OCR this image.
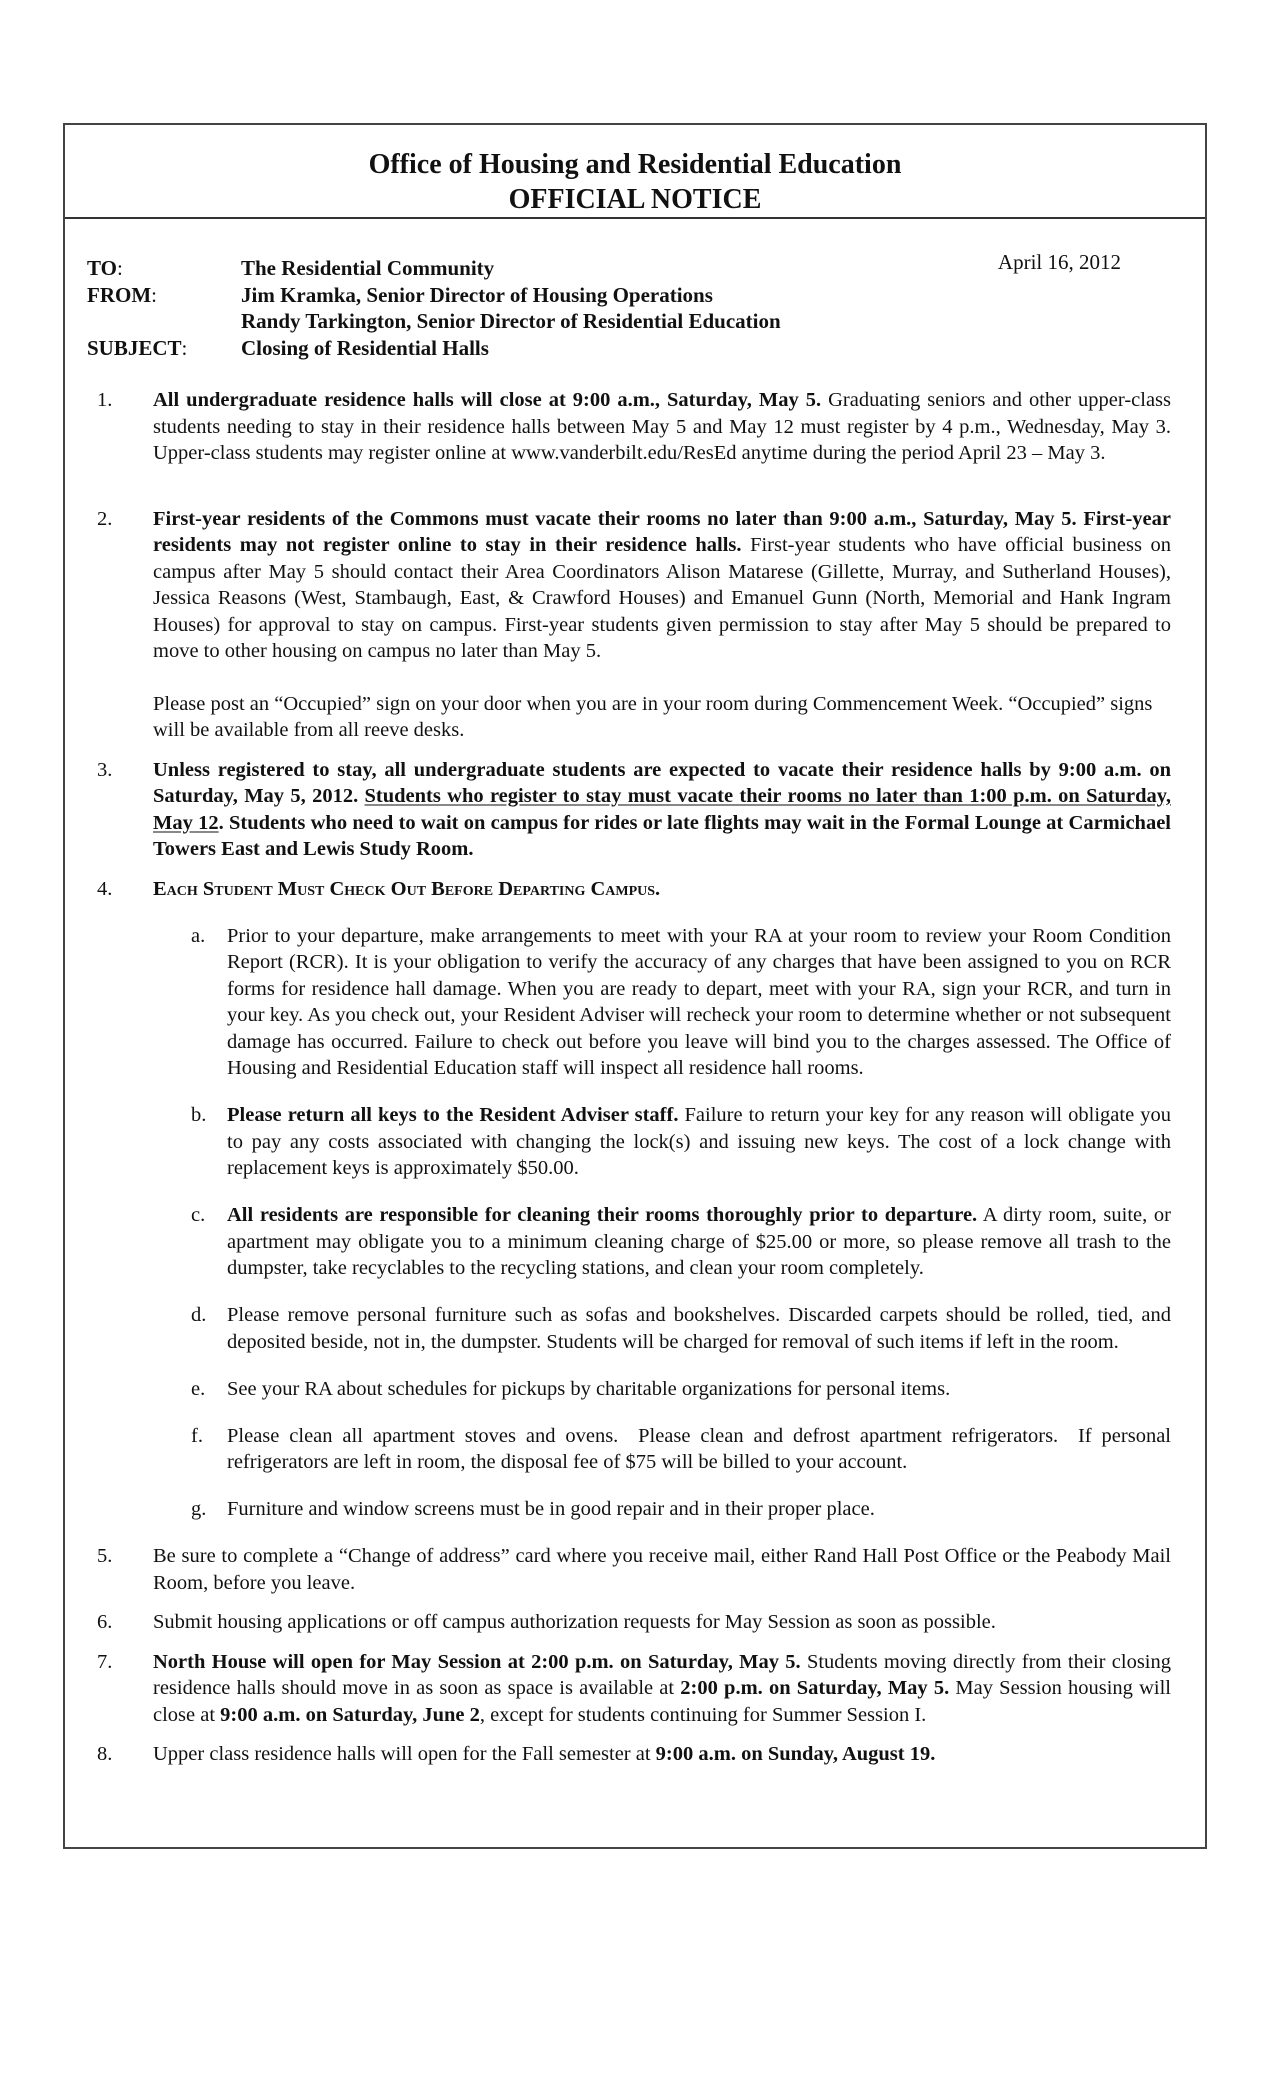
Office of Housing and Residential Education
OFFICIAL NOTICE
April 16, 2012
TO:	The Residential Community
FROM:	Jim Kramka, Senior Director of Housing Operations
Randy Tarkington, Senior Director of Residential Education
SUBJECT:	Closing of Residential Halls
1. All undergraduate residence halls will close at 9:00 a.m., Saturday, May 5. Graduating seniors and other upper-class students needing to stay in their residence halls between May 5 and May 12 must register by 4 p.m., Wednesday, May 3. Upper-class students may register online at www.vanderbilt.edu/ResEd anytime during the period April 23 – May 3.

2. First-year residents of the Commons must vacate their rooms no later than 9:00 a.m., Saturday, May 5. First-year residents may not register online to stay in their residence halls. First-year students who have official business on campus after May 5 should contact their Area Coordinators Alison Matarese (Gillette, Murray, and Sutherland Houses), Jessica Reasons (West, Stambaugh, East, & Crawford Houses) and Emanuel Gunn (North, Memorial and Hank Ingram Houses) for approval to stay on campus. First-year students given permission to stay after May 5 should be prepared to move to other housing on campus no later than May 5.

Please post an “Occupied” sign on your door when you are in your room during Commencement Week. “Occupied” signs will be available from all reeve desks.

3. Unless registered to stay, all undergraduate students are expected to vacate their residence halls by 9:00 a.m. on Saturday, May 5, 2012. Students who register to stay must vacate their rooms no later than 1:00 p.m. on Saturday, May 12. Students who need to wait on campus for rides or late flights may wait in the Formal Lounge at Carmichael Towers East and Lewis Study Room.

4. Each Student Must Check Out Before Departing Campus.

a. Prior to your departure, make arrangements to meet with your RA at your room to review your Room Condition Report (RCR). It is your obligation to verify the accuracy of any charges that have been assigned to you on RCR forms for residence hall damage. When you are ready to depart, meet with your RA, sign your RCR, and turn in your key. As you check out, your Resident Adviser will recheck your room to determine whether or not subsequent damage has occurred. Failure to check out before you leave will bind you to the charges assessed. The Office of Housing and Residential Education staff will inspect all residence hall rooms.

b. Please return all keys to the Resident Adviser staff. Failure to return your key for any reason will obligate you to pay any costs associated with changing the lock(s) and issuing new keys. The cost of a lock change with replacement keys is approximately $50.00.

c. All residents are responsible for cleaning their rooms thoroughly prior to departure. A dirty room, suite, or apartment may obligate you to a minimum cleaning charge of $25.00 or more, so please remove all trash to the dumpster, take recyclables to the recycling stations, and clean your room completely.

d. Please remove personal furniture such as sofas and bookshelves. Discarded carpets should be rolled, tied, and deposited beside, not in, the dumpster. Students will be charged for removal of such items if left in the room.

e. See your RA about schedules for pickups by charitable organizations for personal items.

f. Please clean all apartment stoves and ovens.  Please clean and defrost apartment refrigerators.  If personal refrigerators are left in room, the disposal fee of $75 will be billed to your account.

g. Furniture and window screens must be in good repair and in their proper place.

5. Be sure to complete a “Change of address” card where you receive mail, either Rand Hall Post Office or the Peabody Mail Room, before you leave.

6. Submit housing applications or off campus authorization requests for May Session as soon as possible.

7. North House will open for May Session at 2:00 p.m. on Saturday, May 5. Students moving directly from their closing residence halls should move in as soon as space is available at 2:00 p.m. on Saturday, May 5. May Session housing will close at 9:00 a.m. on Saturday, June 2, except for students continuing for Summer Session I.

8. Upper class residence halls will open for the Fall semester at 9:00 a.m. on Sunday, August 19.
